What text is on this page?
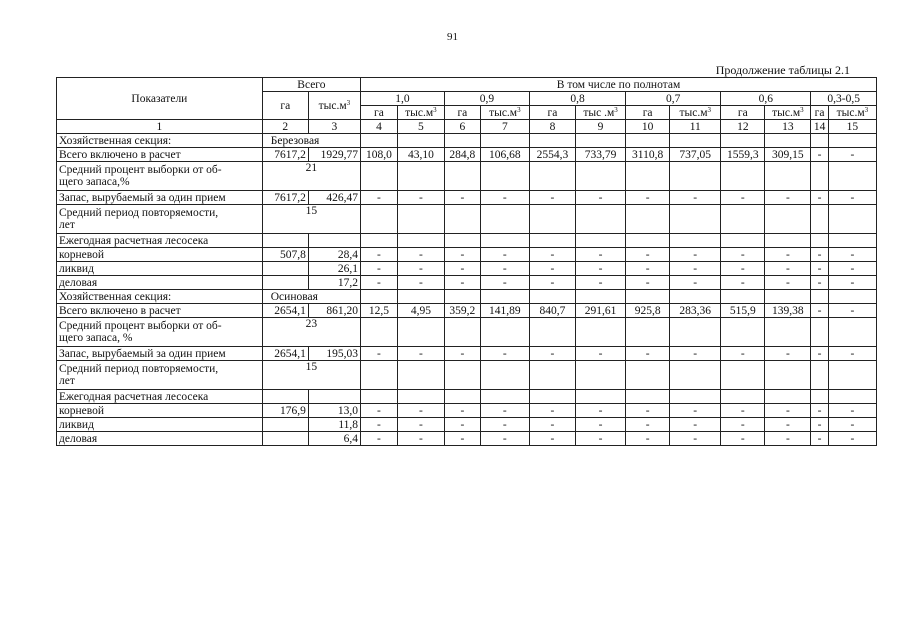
91
Продолжение таблицы 2.1
Показатели	Всего		В том числе по полнотам											
	га	$тыс.м^3$	1,0		0,9		0,8		0,7		0,6		0,3-0,5	
			га	$тыс.м^3$	га	$тыс.м^3$	га	тыс $.м^3$	га	$тыс.м^3$	га	$тыс.м^3$	га	$тыс.м^3$
1	2	3	4	5	6	7	8	9	10	11	12	13	14	15
Хозяйственная секция:	Березовая													
Всего включено в расчет	7617,2	1929,77	108,0	43,10	284,8	106,68	2554,3	733,79	3110,8	737,05	1559,3	309,15	-	-

Средний процент выборки от об-
щего запаса,%	21													
Запас, вырубаемый за один прием	7617,2	426,47	-	-	-	-	-	-	-	-	-	-	-	-

Средний период повторяемости,
лет	15													
Ежегодная расчетная лесосека														
корневой	507,8	28,4	-	-	-	-	-	-	-	-	-	-	-	-
ликвид		26,1	-	-	-	-	-	-	-	-	-	-	-	-
деловая		17,2	-	-	-	-	-	-	-	-	-	-	-	-
Хозяйственная секция:	Осиновая													
Всего включено в расчет	2654,1	861,20	12,5	4,95	359,2	141,89	840,7	291,61	925,8	283,36	515,9	139,38	-	-

Средний процент выборки от об-
щего запаса, %	23													
Запас, вырубаемый за один прием	2654,1	195,03	-	-	-	-	-	-	-	-	-	-	-	-

Средний период повторяемости,
лет	15													
Ежегодная расчетная лесосека														
корневой	176,9	13,0	-	-	-	-	-	-	-	-	-	-	-	-
ликвид		11,8	-	-	-	-	-	-	-	-	-	-	-	-
деловая		6,4	-	-	-	-	-	-	-	-	-	-	-	-
